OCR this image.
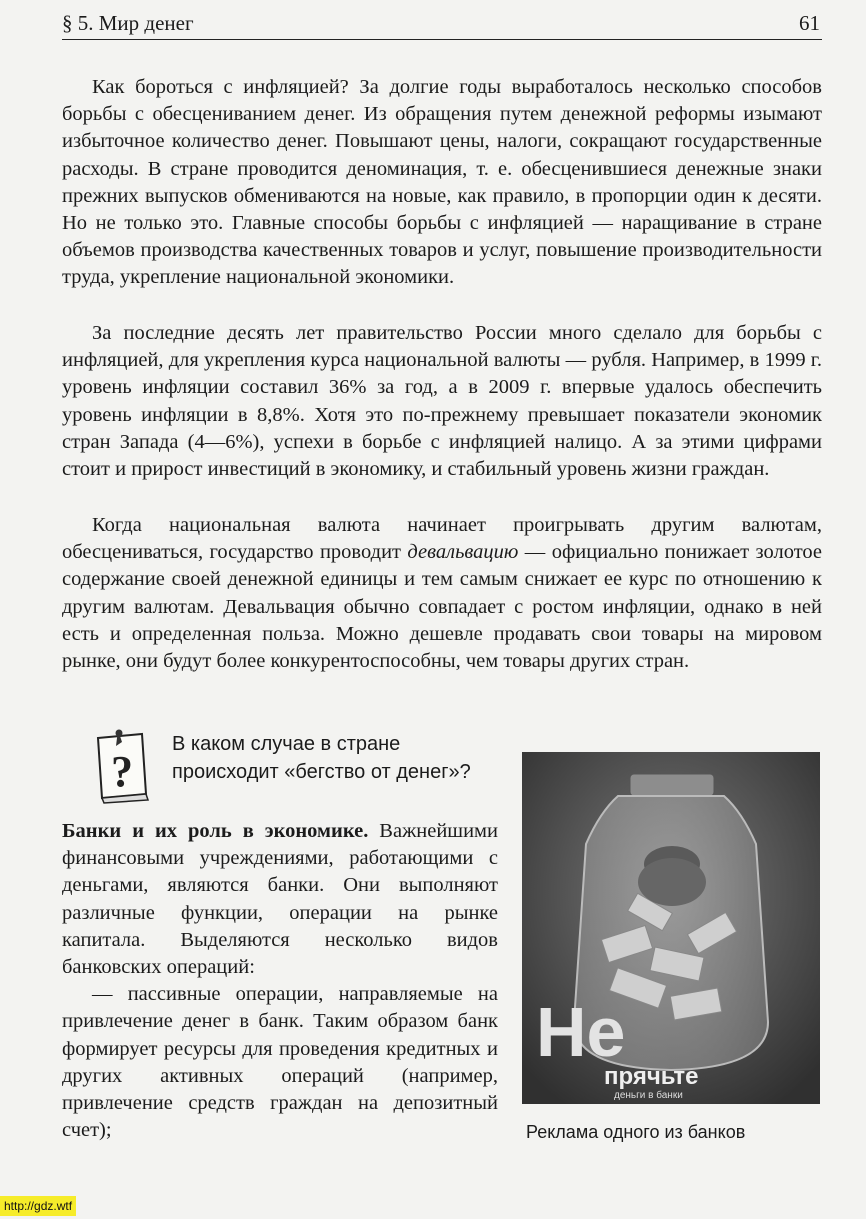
§ 5. Мир денег	61

Как бороться с инфляцией? За долгие годы выработалось несколько способов борьбы с обесцениванием денег. Из обращения путем денежной реформы изымают избыточное количество денег. Повышают цены, налоги, сокращают государственные расходы. В стране проводится деноминация, т. е. обесценившиеся денежные знаки прежних выпусков обмениваются на новые, как правило, в пропорции один к десяти. Но не только это. Главные способы борьбы с инфляцией — наращивание в стране объемов производства качественных товаров и услуг, повышение производительности труда, укрепление национальной экономики.

За последние десять лет правительство России много сделало для борьбы с инфляцией, для укрепления курса национальной валюты — рубля. Например, в 1999 г. уровень инфляции составил 36% за год, а в 2009 г. впервые удалось обеспечить уровень инфляции в 8,8%. Хотя это по-прежнему превышает показатели экономик стран Запада (4—6%), успехи в борьбе с инфляцией налицо. А за этими цифрами стоит и прирост инвестиций в экономику, и стабильный уровень жизни граждан.

Когда национальная валюта начинает проигрывать другим валютам, обесцениваться, государство проводит девальвацию — официально понижает золотое содержание своей денежной единицы и тем самым снижает ее курс по отношению к другим валютам. Девальвация обычно совпадает с ростом инфляции, однако в ней есть и определенная польза. Можно дешевле продавать свои товары на мировом рынке, они будут более конкурентоспособны, чем товары других стран.

?

В каком случае в стране происходит «бегство от денег»?

Банки и их роль в экономике. Важнейшими финансовыми учреждениями, работающими с деньгами, являются банки. Они выполняют различные функции, операции на рынке капитала. Выделяются несколько видов банковских операций:

— пассивные операции, направляемые на привлечение денег в банк. Таким образом банк формирует ресурсы для проведения кредитных и других активных операций (например, привлечение средств граждан на депозитный счет);

Не
прячьте
деньги в банки

Реклама одного из банков

http://gdz.wtf
